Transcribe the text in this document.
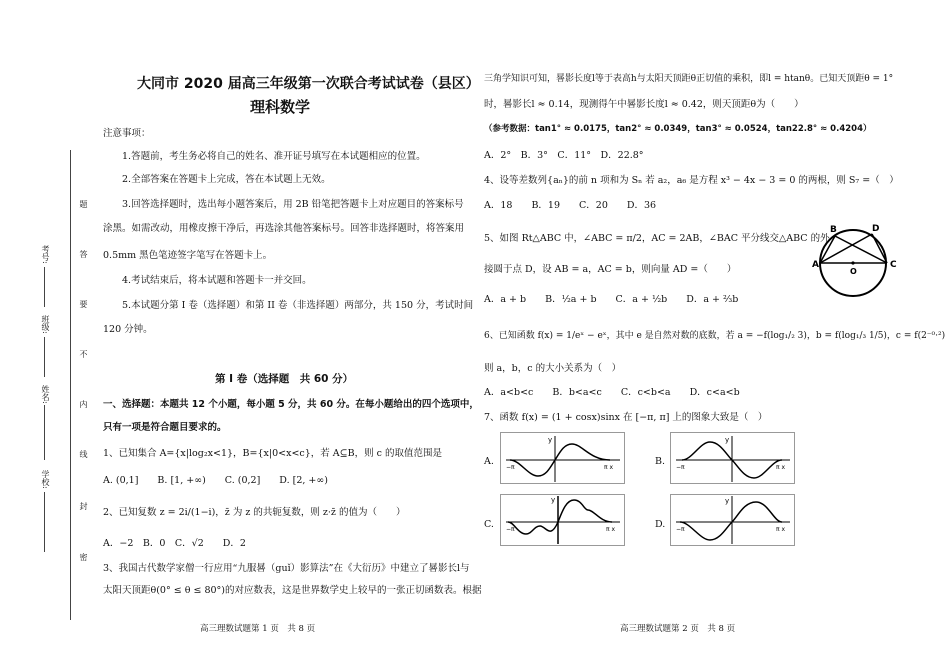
学校:
姓名:
班级:
考号:
题
答
要
不
内
线
封
密
大同市 2020 届高三年级第一次联合考试试卷（县区）
理科数学
注意事项：
1.答题前，考生务必将自己的姓名、准开证号填写在本试题相应的位置。
2.全部答案在答题卡上完成，答在本试题上无效。
3.回答选择题时，选出每小题答案后，用 2B 铅笔把答题卡上对应题目的答案标号
涂黑。如需改动，用橡皮擦干净后，再选涂其他答案标号。回答非选择题时，将答案用
0.5mm 黑色笔迹签字笔写在答题卡上。
4.考试结束后，将本试题和答题卡一并交回。
5.本试题分第 I 卷（选择题）和第 II 卷（非选择题）两部分，共 150 分，考试时间
120 分钟。
第 I 卷（选择题　共 60 分）
一、选择题：本题共 12 个小题，每小题 5 分，共 60 分。在每小题给出的四个选项中，
只有一项是符合题目要求的。
1、已知集合 A={x|log₂x<1}，B={x|0<x<c}，若 A⊆B，则 c 的取值范围是
A. (0,1]　　B. [1, +∞)　　C. (0,2]　　D. [2, +∞)
2、已知复数 z = 2i/(1−i)，z̄ 为 z 的共轭复数，则 z·z̄ 的值为（　　）
A．−2　B．0　C．√2　　D．2
3、我国古代数学家僧一行应用“九服晷（guǐ）影算法”在《大衍历》中建立了晷影长l与
太阳天顶距θ(0° ≤ θ ≤ 80°)的对应数表，这是世界数学史上较早的一张正切函数表。根据
高三理数试题第 1 页　共 8 页
三角学知识可知，晷影长度l等于表高h与太阳天顶距θ正切值的乘积，即l = htanθ。已知天顶距θ = 1°
时，晷影长l ≈ 0.14，现测得午中晷影长度l ≈ 0.42，则天顶距θ为（　　）
（参考数据：tan1° ≈ 0.0175，tan2° ≈ 0.0349，tan3° ≈ 0.0524，tan22.8° ≈ 0.4204）
A．2°　B．3°　C．11°　D．22.8°
4、设等差数列{aₙ}的前 n 项和为 Sₙ 若 a₂，a₆ 是方程 x³ − 4x − 3 = 0 的两根，则 S₇ =（　）
A．18　　B．19　　C．20　　D．36
5、如图 Rt△ABC 中，∠ABC = π/2，AC = 2AB，∠BAC 平分线交△ABC 的外
接圆于点 D，设 AB = a，AC = b，则向量 AD =（　　）
A．a + b　　B．½a + b　　C．a + ½b　　D．a + ⅔b
B	D
A	C
O
6、已知函数 f(x) = 1/eˣ − eˣ，其中 e 是自然对数的底数，若 a = −f(log₁/₂ 3)，b = f(log₁/₃ 1/5)，c = f(2⁻⁰·²)
则 a，b，c 的大小关系为（　）
A．a<b<c　　B．b<a<c　　C．c<b<a　　D．c<a<b
7、函数 f(x) = (1 + cosx)sinx 在 [−π, π] 上的图象大致是（　）
A.
y
−π	π x
B.
y
−π	π x
C.
y
−π	π x	D.
y
−π	π x
高三理数试题第 2 页　共 8 页
